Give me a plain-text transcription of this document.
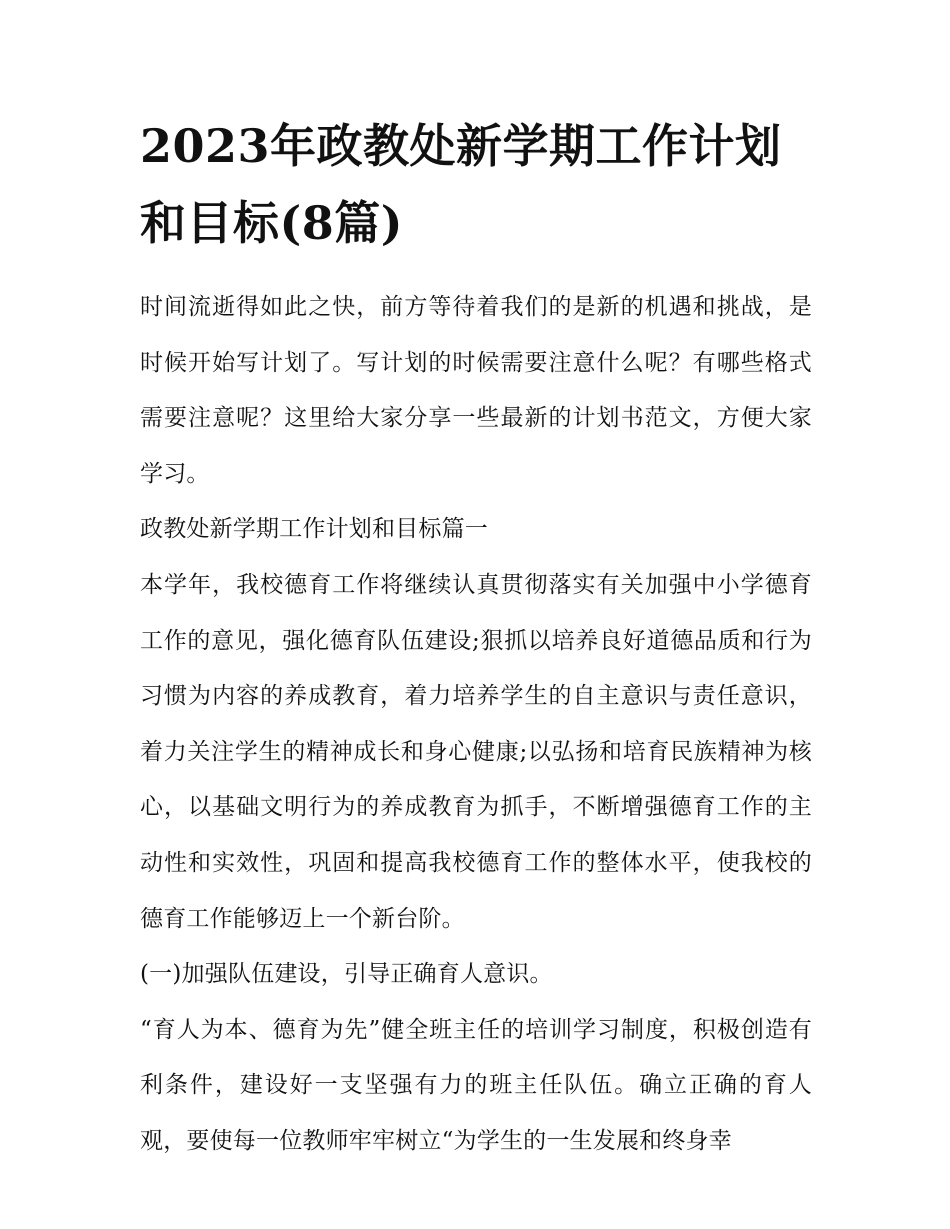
2023年政教处新学期工作计划和目标(8篇)

时间流逝得如此之快，前方等待着我们的是新的机遇和挑战，是时候开始写计划了。写计划的时候需要注意什么呢？有哪些格式需要注意呢？这里给大家分享一些最新的计划书范文，方便大家学习。

政教处新学期工作计划和目标篇一

本学年，我校德育工作将继续认真贯彻落实有关加强中小学德育工作的意见，强化德育队伍建设;狠抓以培养良好道德品质和行为习惯为内容的养成教育，着力培养学生的自主意识与责任意识，着力关注学生的精神成长和身心健康;以弘扬和培育民族精神为核心，以基础文明行为的养成教育为抓手，不断增强德育工作的主动性和实效性，巩固和提高我校德育工作的整体水平，使我校的德育工作能够迈上一个新台阶。

(一)加强队伍建设，引导正确育人意识。

“育人为本、德育为先”健全班主任的培训学习制度，积极创造有利条件，建设好一支坚强有力的班主任队伍。确立正确的育人观，要使每一位教师牢牢树立“为学生的一生发展和终身幸
